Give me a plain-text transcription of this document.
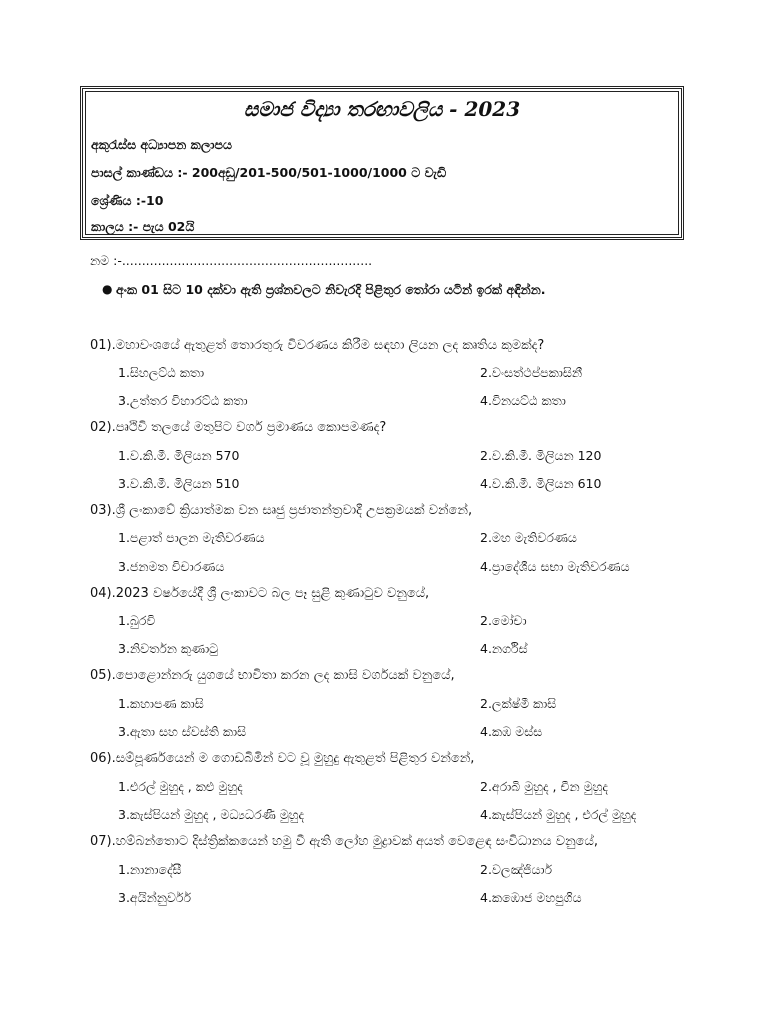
සමාජ විද්‍යා තරඟාවලිය - 2023
අකුරැස්ස අධ්‍යාපන කලාපය
පාසල් කාණ්ඩය :- 200අඩු/201-500/501-1000/1000 ට වැඩි
ශ්‍රේණිය :-10
කාලය :- පැය 02යි
නම :-...............................................................
● අංක 01 සිට 10 දක්වා ඇති ප්‍රශ්නවලට නිවැරදි පිළිතුර තෝරා යටින් ඉරක් අඳින්න.
01).මහාවංශයේ ඇතුළත් තොරතුරු විවරණය කිරීම සඳහා ලියන ලද කෘතිය කුමක්ද?
1.සිහලට්ඨ කතා	2.වංසත්ථප්පකාසිනී
3.උත්තර විහාරට්ඨ කතා	4.විනයට්ඨ කතා
02).පෘථිවි තලයේ මතුපිට වර්ග ප්‍රමාණය කොපමණද?
1.ව.කි.මී. මිලියන 570	2.ව.කි.මී. මිලියන 120
3.ව.කි.මී. මිලියන 510	4.ව.කි.මී. මිලියන 610
03).ශ්‍රී ලංකාවේ ක්‍රියාත්මක වන සෘජු ප්‍රජාතන්ත්‍රවාදී උපක්‍රමයක් වන්නේ,
1.පළාත් පාලන මැතිවරණය	2.මහ මැතිවරණය
3.ජනමත විචාරණය	4.ප්‍රාදේශීය සභා මැතිවරණය
04).2023 වර්ෂයේදී ශ්‍රී ලංකාවට බල පෑ සුළි කුණාටුව වනුයේ,
1.බුරවි	2.මෝචා
3.නිවර්තන කුණාටු	4.නර්ගිස්
05).පොළොන්නරු යුගයේ භාවිතා කරන ලද කාසි වර්ගයක් වනුයේ,
1.කහාපණ කාසි	2.ලක්ෂ්මී කාසි
3.ඇතා සහ ස්වස්ති කාසි	4.කඹ මස්ස
06).සම්පූර්ණයෙන් ම ගොඩබිමින් වට වූ මුහුදු ඇතුළත් පිළිතුර වන්නේ,
1.එරල් මුහුද , කළු මුහුද	2.අරාබි මුහුද , චීන මුහුද
3.කැස්පියන් මුහුද , මධ්‍යධරණී මුහුද	4.කැස්පියන් මුහුද , එරල් මුහුද
07).හම්බන්තොට දිස්ත්‍රික්කයෙන් හමු වී ඇති ලෝහ මුද්‍රාවක් අයත් වෙළෙඳ සංවිධානය වනුයේ,
1.නානාදේසී	2.වලඤ්ජියාර්
3.අයින්නුර්වර්	4.කඹොජ මහපුගිය
